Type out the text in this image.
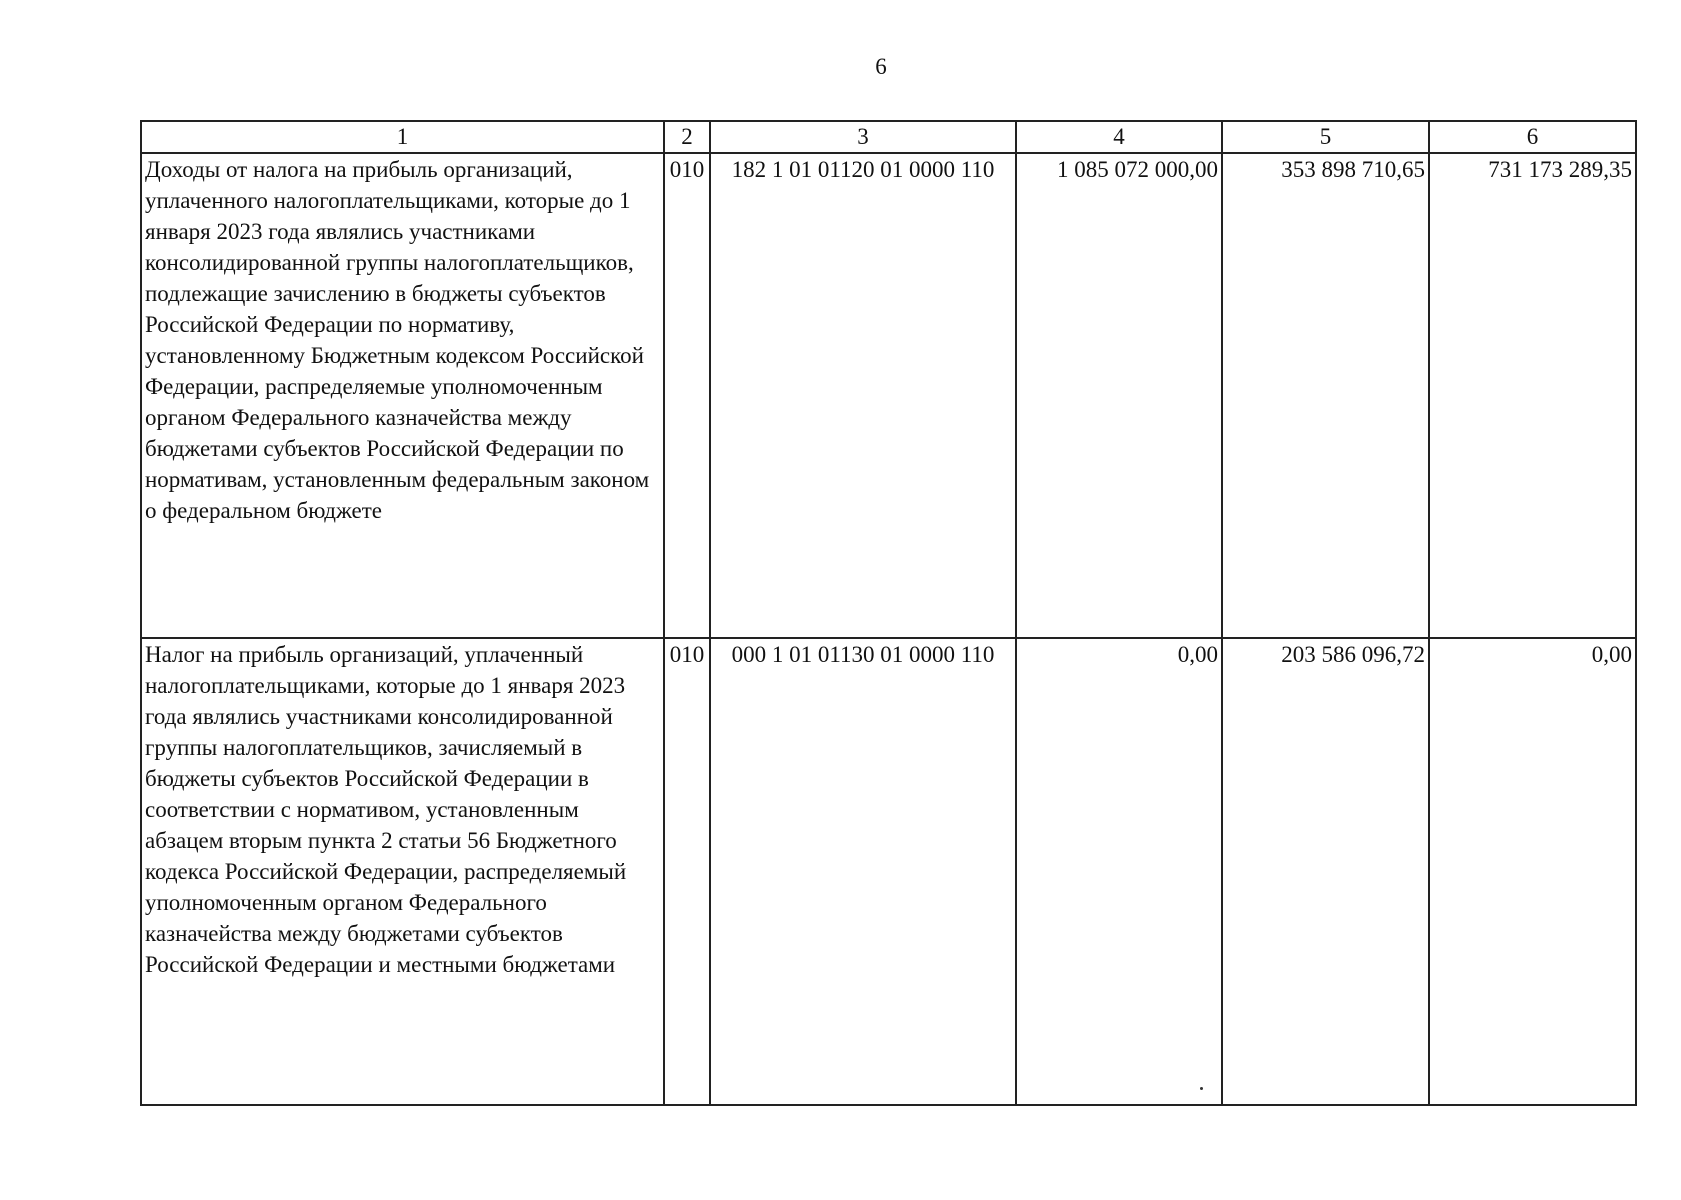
6
1	2	3	4	5	6
Доходы от налога на прибыль организаций, уплаченного налогоплательщиками, которые до 1 января 2023 года являлись участниками консолидированной группы налогоплательщиков, подлежащие зачислению в бюджеты субъектов Российской Федерации по нормативу, установленному Бюджетным кодексом Российской Федерации, распределяемые уполномоченным органом Федерального казначейства между бюджетами субъектов Российской Федерации по нормативам, установленным федеральным законом о федеральном бюджете	010	182 1 01 01120 01 0000 110	1 085 072 000,00	353 898 710,65	731 173 289,35
Налог на прибыль организаций, уплаченный налогоплательщиками, которые до 1 января 2023 года являлись участниками консолидированной группы налогоплательщиков, зачисляемый в бюджеты субъектов Российской Федерации в соответствии с нормативом, установленным абзацем вторым пункта 2 статьи 56 Бюджетного кодекса Российской Федерации, распределяемый уполномоченным органом Федерального казначейства между бюджетами субъектов Российской Федерации и местными бюджетами	010	000 1 01 01130 01 0000 110	0,00	203 586 096,72	0,00
